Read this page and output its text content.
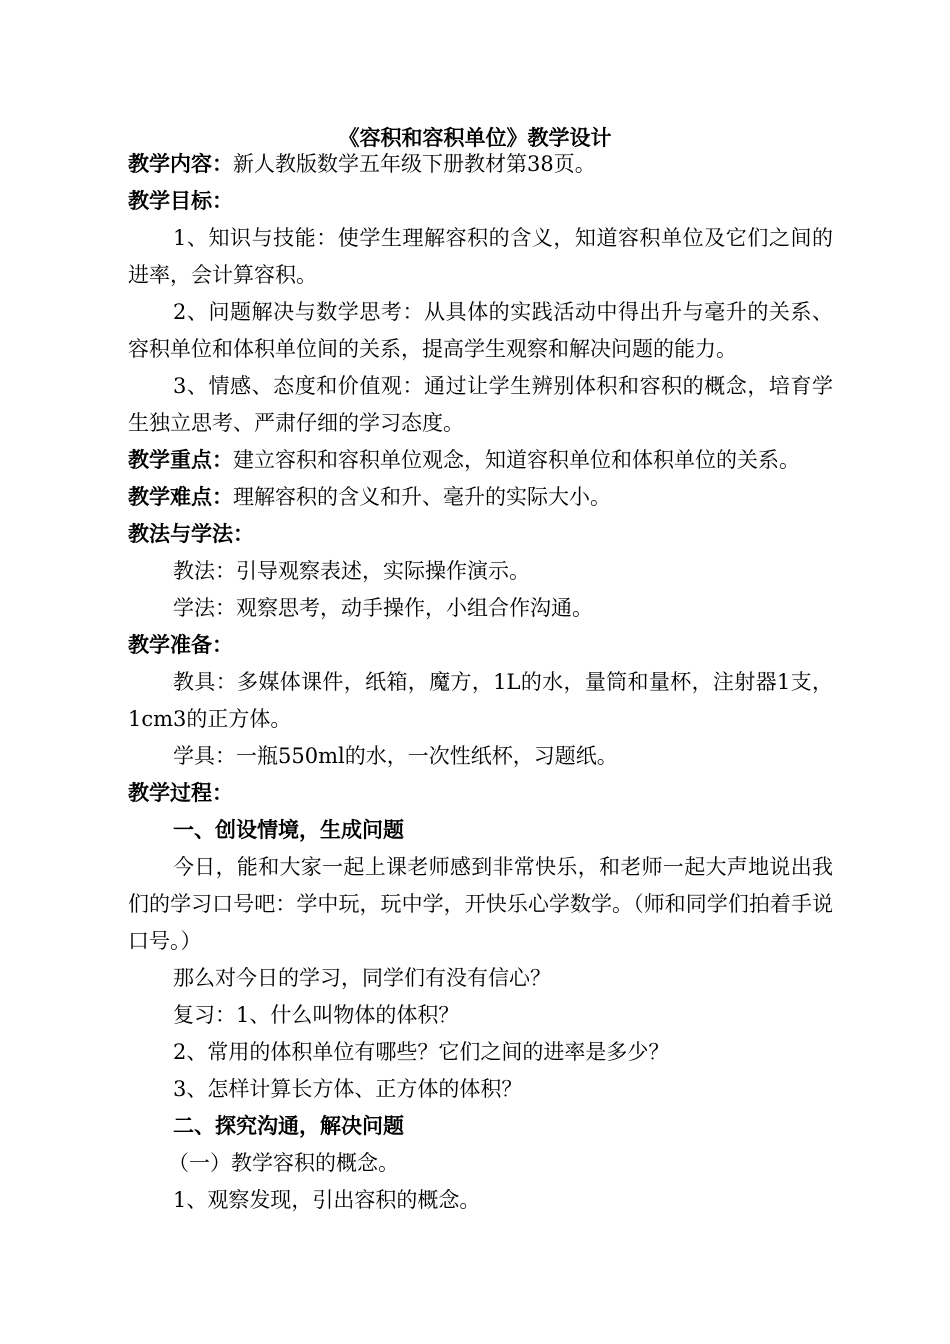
《容积和容积单位》教学设计

教学内容：新人教版数学五年级下册教材第38页。

教学目标：

1、知识与技能：使学生理解容积的含义，知道容积单位及它们之间的进率，会计算容积。

2、问题解决与数学思考：从具体的实践活动中得出升与毫升的关系、容积单位和体积单位间的关系，提高学生观察和解决问题的能力。

3、情感、态度和价值观：通过让学生辨别体积和容积的概念，培育学生独立思考、严肃仔细的学习态度。

教学重点：建立容积和容积单位观念，知道容积单位和体积单位的关系。

教学难点：理解容积的含义和升、毫升的实际大小。

教法与学法：

教法：引导观察表述，实际操作演示。

学法：观察思考，动手操作，小组合作沟通。

教学准备：

教具：多媒体课件，纸箱，魔方，1L的水，量筒和量杯，注射器1支，1cm3的正方体。

学具：一瓶550ml的水，一次性纸杯，习题纸。

教学过程：

一、创设情境，生成问题

今日，能和大家一起上课老师感到非常快乐，和老师一起大声地说出我们的学习口号吧：学中玩，玩中学，开快乐心学数学。（师和同学们拍着手说口号。）

那么对今日的学习，同学们有没有信心？

复习：1、什么叫物体的体积？

2、常用的体积单位有哪些？它们之间的进率是多少？

3、怎样计算长方体、正方体的体积？

二、探究沟通，解决问题

（一）教学容积的概念。

1、观察发现，引出容积的概念。
